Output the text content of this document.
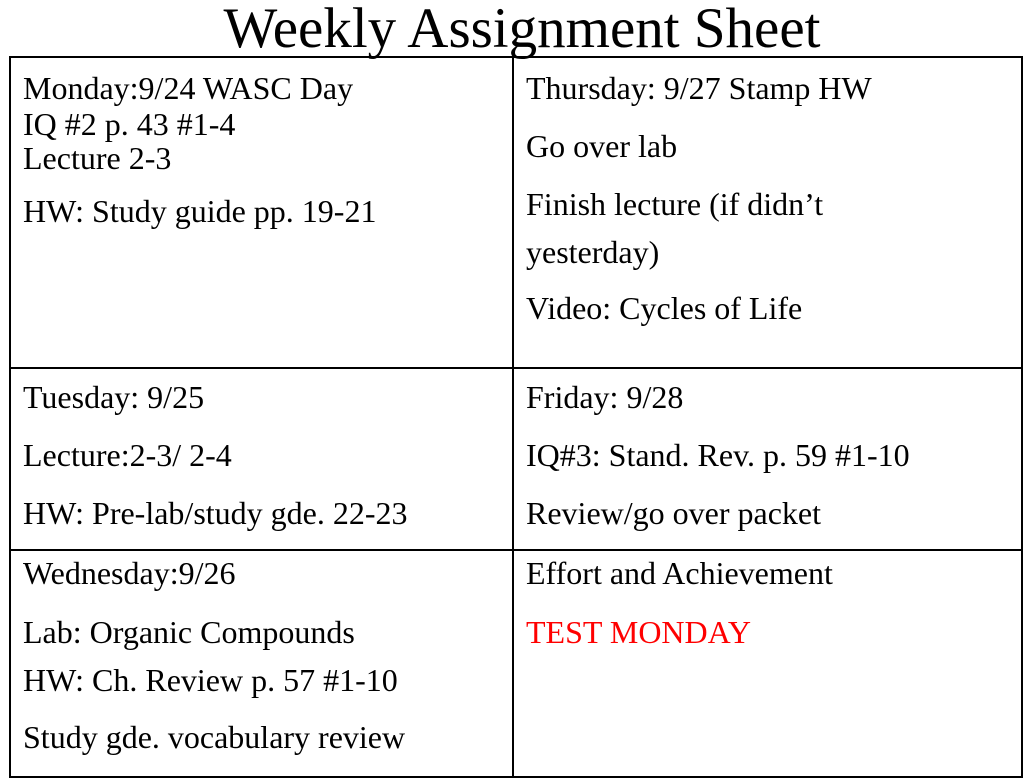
Weekly Assignment Sheet
Monday:9/24 WASC Day
IQ #2 p. 43 #1-4
Lecture 2-3
HW: Study guide pp. 19-21
Thursday: 9/27 Stamp HW
Go over lab
Finish lecture (if didn’t
yesterday)
Video: Cycles of Life
Tuesday: 9/25
Lecture:2-3/ 2-4
HW: Pre-lab/study gde. 22-23
Friday: 9/28
IQ#3: Stand. Rev. p. 59 #1-10
Review/go over packet
Wednesday:9/26
Lab: Organic Compounds
HW: Ch. Review p. 57 #1-10
Study gde. vocabulary review
Effort and Achievement
TEST MONDAY
